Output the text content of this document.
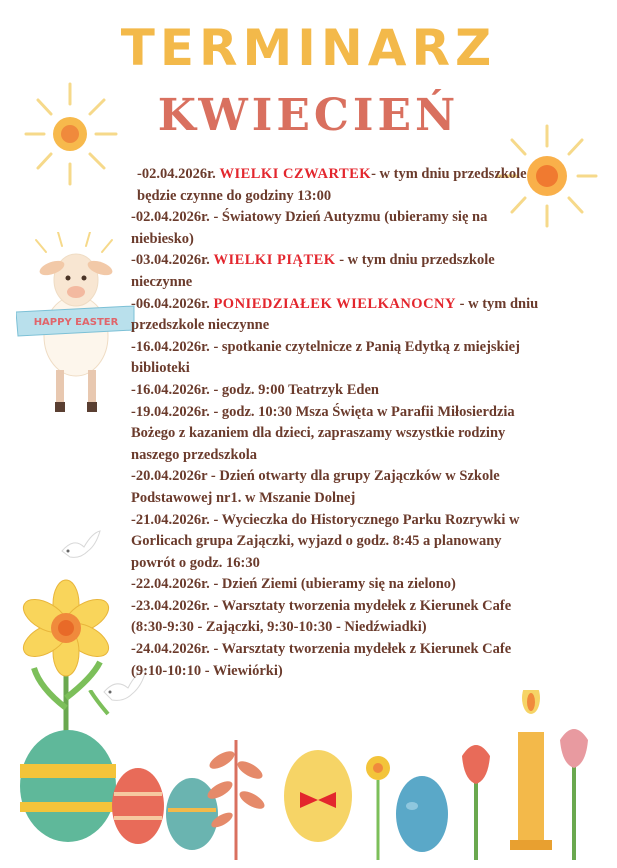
HAPPY EASTER
TERMINARZ
KWIECIEŃ

-02.04.2026r. WIELKI CZWARTEK- w tym dniu przedszkole będzie czynne do godziny 13:00

-02.04.2026r. - Światowy Dzień Autyzmu (ubieramy się na niebiesko)

-03.04.2026r. WIELKI PIĄTEK - w tym dniu przedszkole nieczynne

-06.04.2026r. PONIEDZIAŁEK WIELKANOCNY - w tym dniu przedszkole nieczynne

-16.04.2026r. - spotkanie czytelnicze z Panią Edytką z miejskiej biblioteki

-16.04.2026r. - godz. 9:00 Teatrzyk Eden

-19.04.2026r. - godz. 10:30 Msza Święta w Parafii Miłosierdzia Bożego z kazaniem dla dzieci, zapraszamy wszystkie rodziny naszego przedszkola

-20.04.2026r - Dzień otwarty dla grupy Zajączków w Szkole Podstawowej nr1. w Mszanie Dolnej

-21.04.2026r. - Wycieczka do Historycznego Parku Rozrywki w Gorlicach grupa Zajączki, wyjazd o godz. 8:45 a planowany powrót o godz. 16:30

-22.04.2026r. - Dzień Ziemi (ubieramy się na zielono)

-23.04.2026r. - Warsztaty tworzenia mydełek z Kierunek Cafe (8:30-9:30 - Zajączki, 9:30-10:30 - Niedźwiadki)

-24.04.2026r. - Warsztaty tworzenia mydełek z Kierunek Cafe (9:10-10:10 - Wiewiórki)
